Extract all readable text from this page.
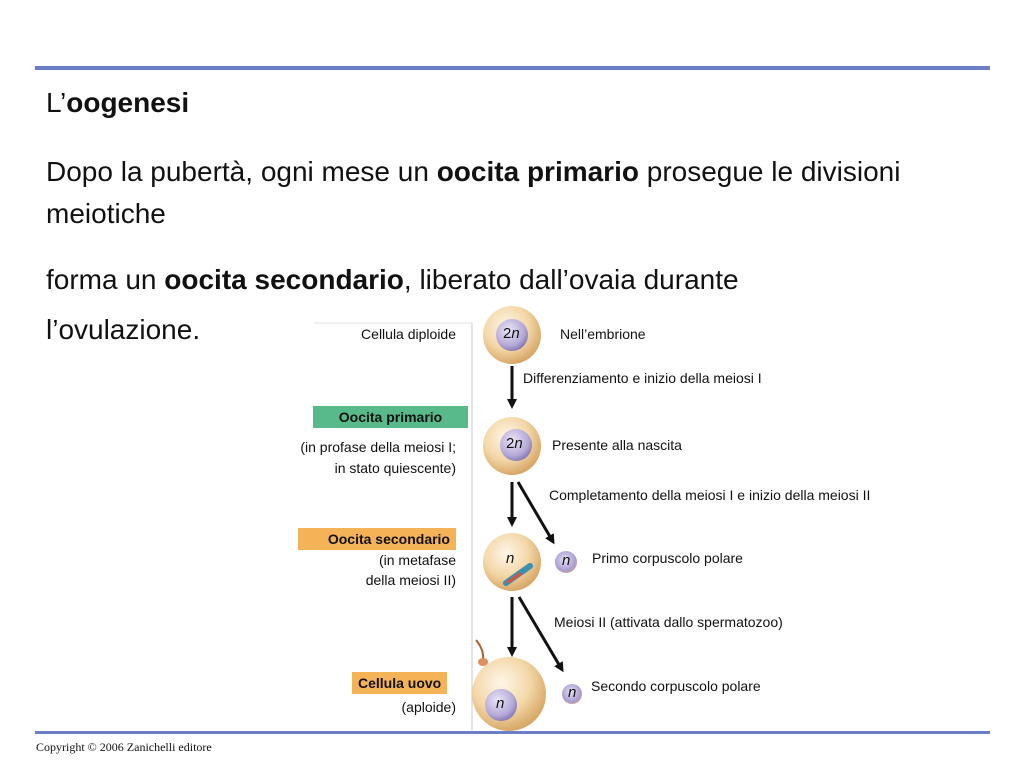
L’oogenesi
Dopo la pubertà, ogni mese un oocita primario prosegue le divisioni meiotiche
forma un oocita secondario, liberato dall’ovaia durante
l’ovulazione.	2n
2n
n	n
n
n
Cellula diploide
Oocita primario
(in profase della meiosi I;
in stato quiescente)
Oocita secondario
(in metafase
della meiosi II)
Cellula uovo
(aploide)
Nell’embrione
Differenziamento e inizio della meiosi I
Presente alla nascita
Completamento della meiosi I e inizio della meiosi II
Primo corpuscolo polare
Meiosi II (attivata dallo spermatozoo)
Secondo corpuscolo polare
Copyright © 2006 Zanichelli editore
